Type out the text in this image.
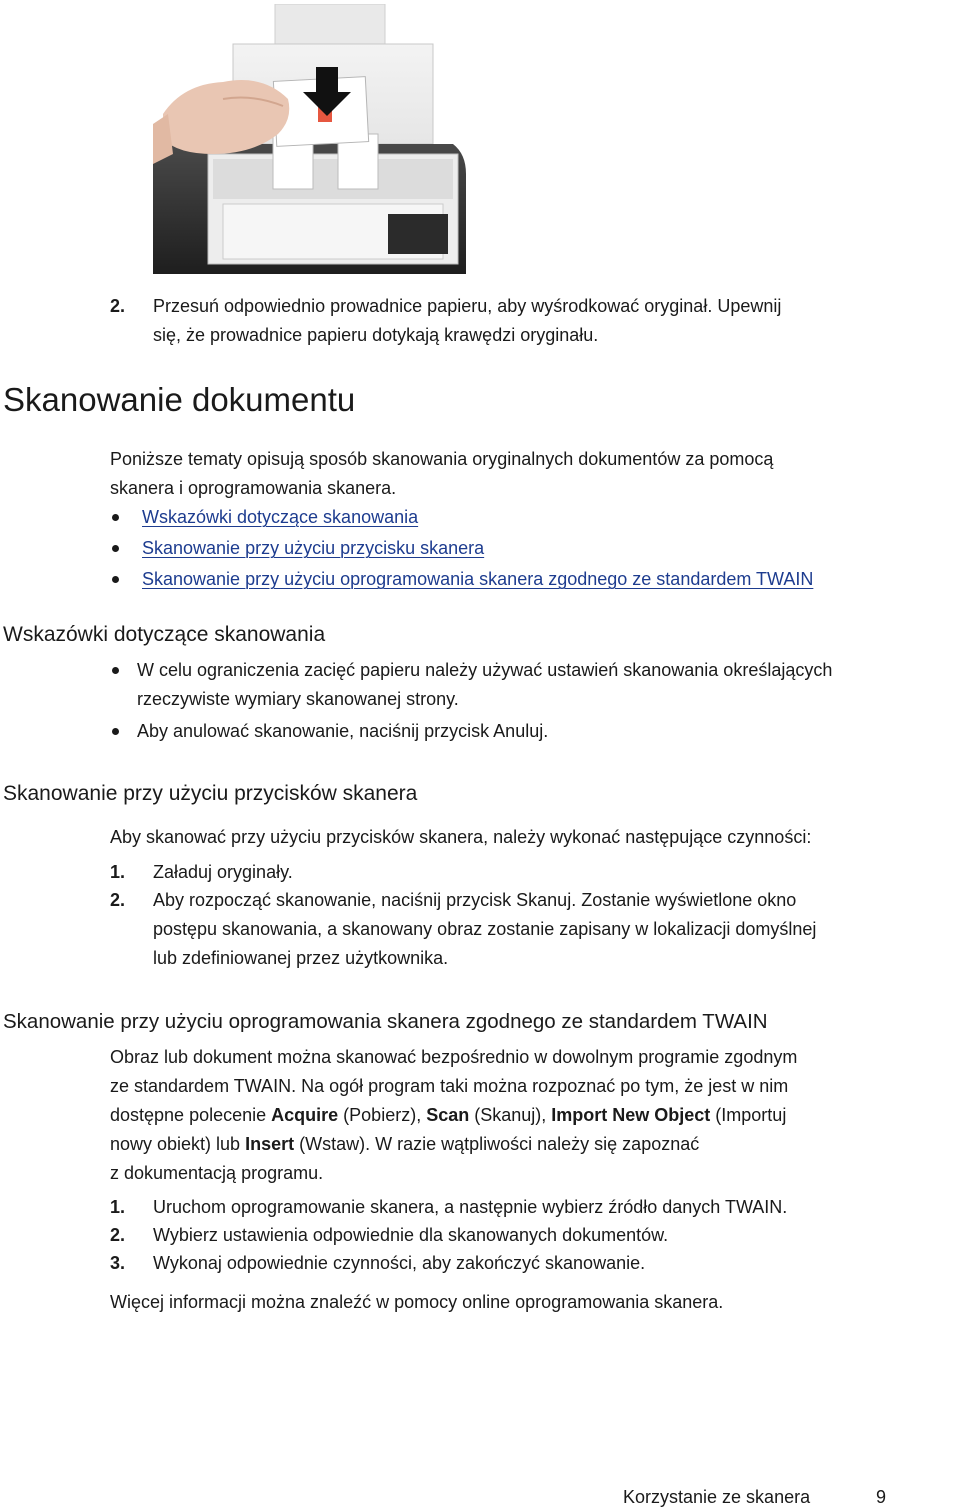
2. Przesuń odpowiednio prowadnice papieru, aby wyśrodkować oryginał. Upewnij
się, że prowadnice papieru dotykają krawędzi oryginału.
Skanowanie dokumentu
Poniższe tematy opisują sposób skanowania oryginalnych dokumentów za pomocą
skanera i oprogramowania skanera.
Wskazówki dotyczące skanowania
Skanowanie przy użyciu przycisku skanera
Skanowanie przy użyciu oprogramowania skanera zgodnego ze standardem TWAIN
Wskazówki dotyczące skanowania
W celu ograniczenia zacięć papieru należy używać ustawień skanowania określających
rzeczywiste wymiary skanowanej strony.
Aby anulować skanowanie, naciśnij przycisk Anuluj.
Skanowanie przy użyciu przycisków skanera
Aby skanować przy użyciu przycisków skanera, należy wykonać następujące czynności:
1. Załaduj oryginały.
2. Aby rozpocząć skanowanie, naciśnij przycisk Skanuj. Zostanie wyświetlone okno
postępu skanowania, a skanowany obraz zostanie zapisany w lokalizacji domyślnej
lub zdefiniowanej przez użytkownika.
Skanowanie przy użyciu oprogramowania skanera zgodnego ze standardem TWAIN
Obraz lub dokument można skanować bezpośrednio w dowolnym programie zgodnym
ze standardem TWAIN. Na ogół program taki można rozpoznać po tym, że jest w nim
dostępne polecenie Acquire (Pobierz), Scan (Skanuj), Import New Object (Importuj
nowy obiekt) lub Insert (Wstaw). W razie wątpliwości należy się zapoznać
z dokumentacją programu.
1. Uruchom oprogramowanie skanera, a następnie wybierz źródło danych TWAIN.
2. Wybierz ustawienia odpowiednie dla skanowanych dokumentów.
3. Wykonaj odpowiednie czynności, aby zakończyć skanowanie.
Więcej informacji można znaleźć w pomocy online oprogramowania skanera.
Korzystanie ze skanera	9
